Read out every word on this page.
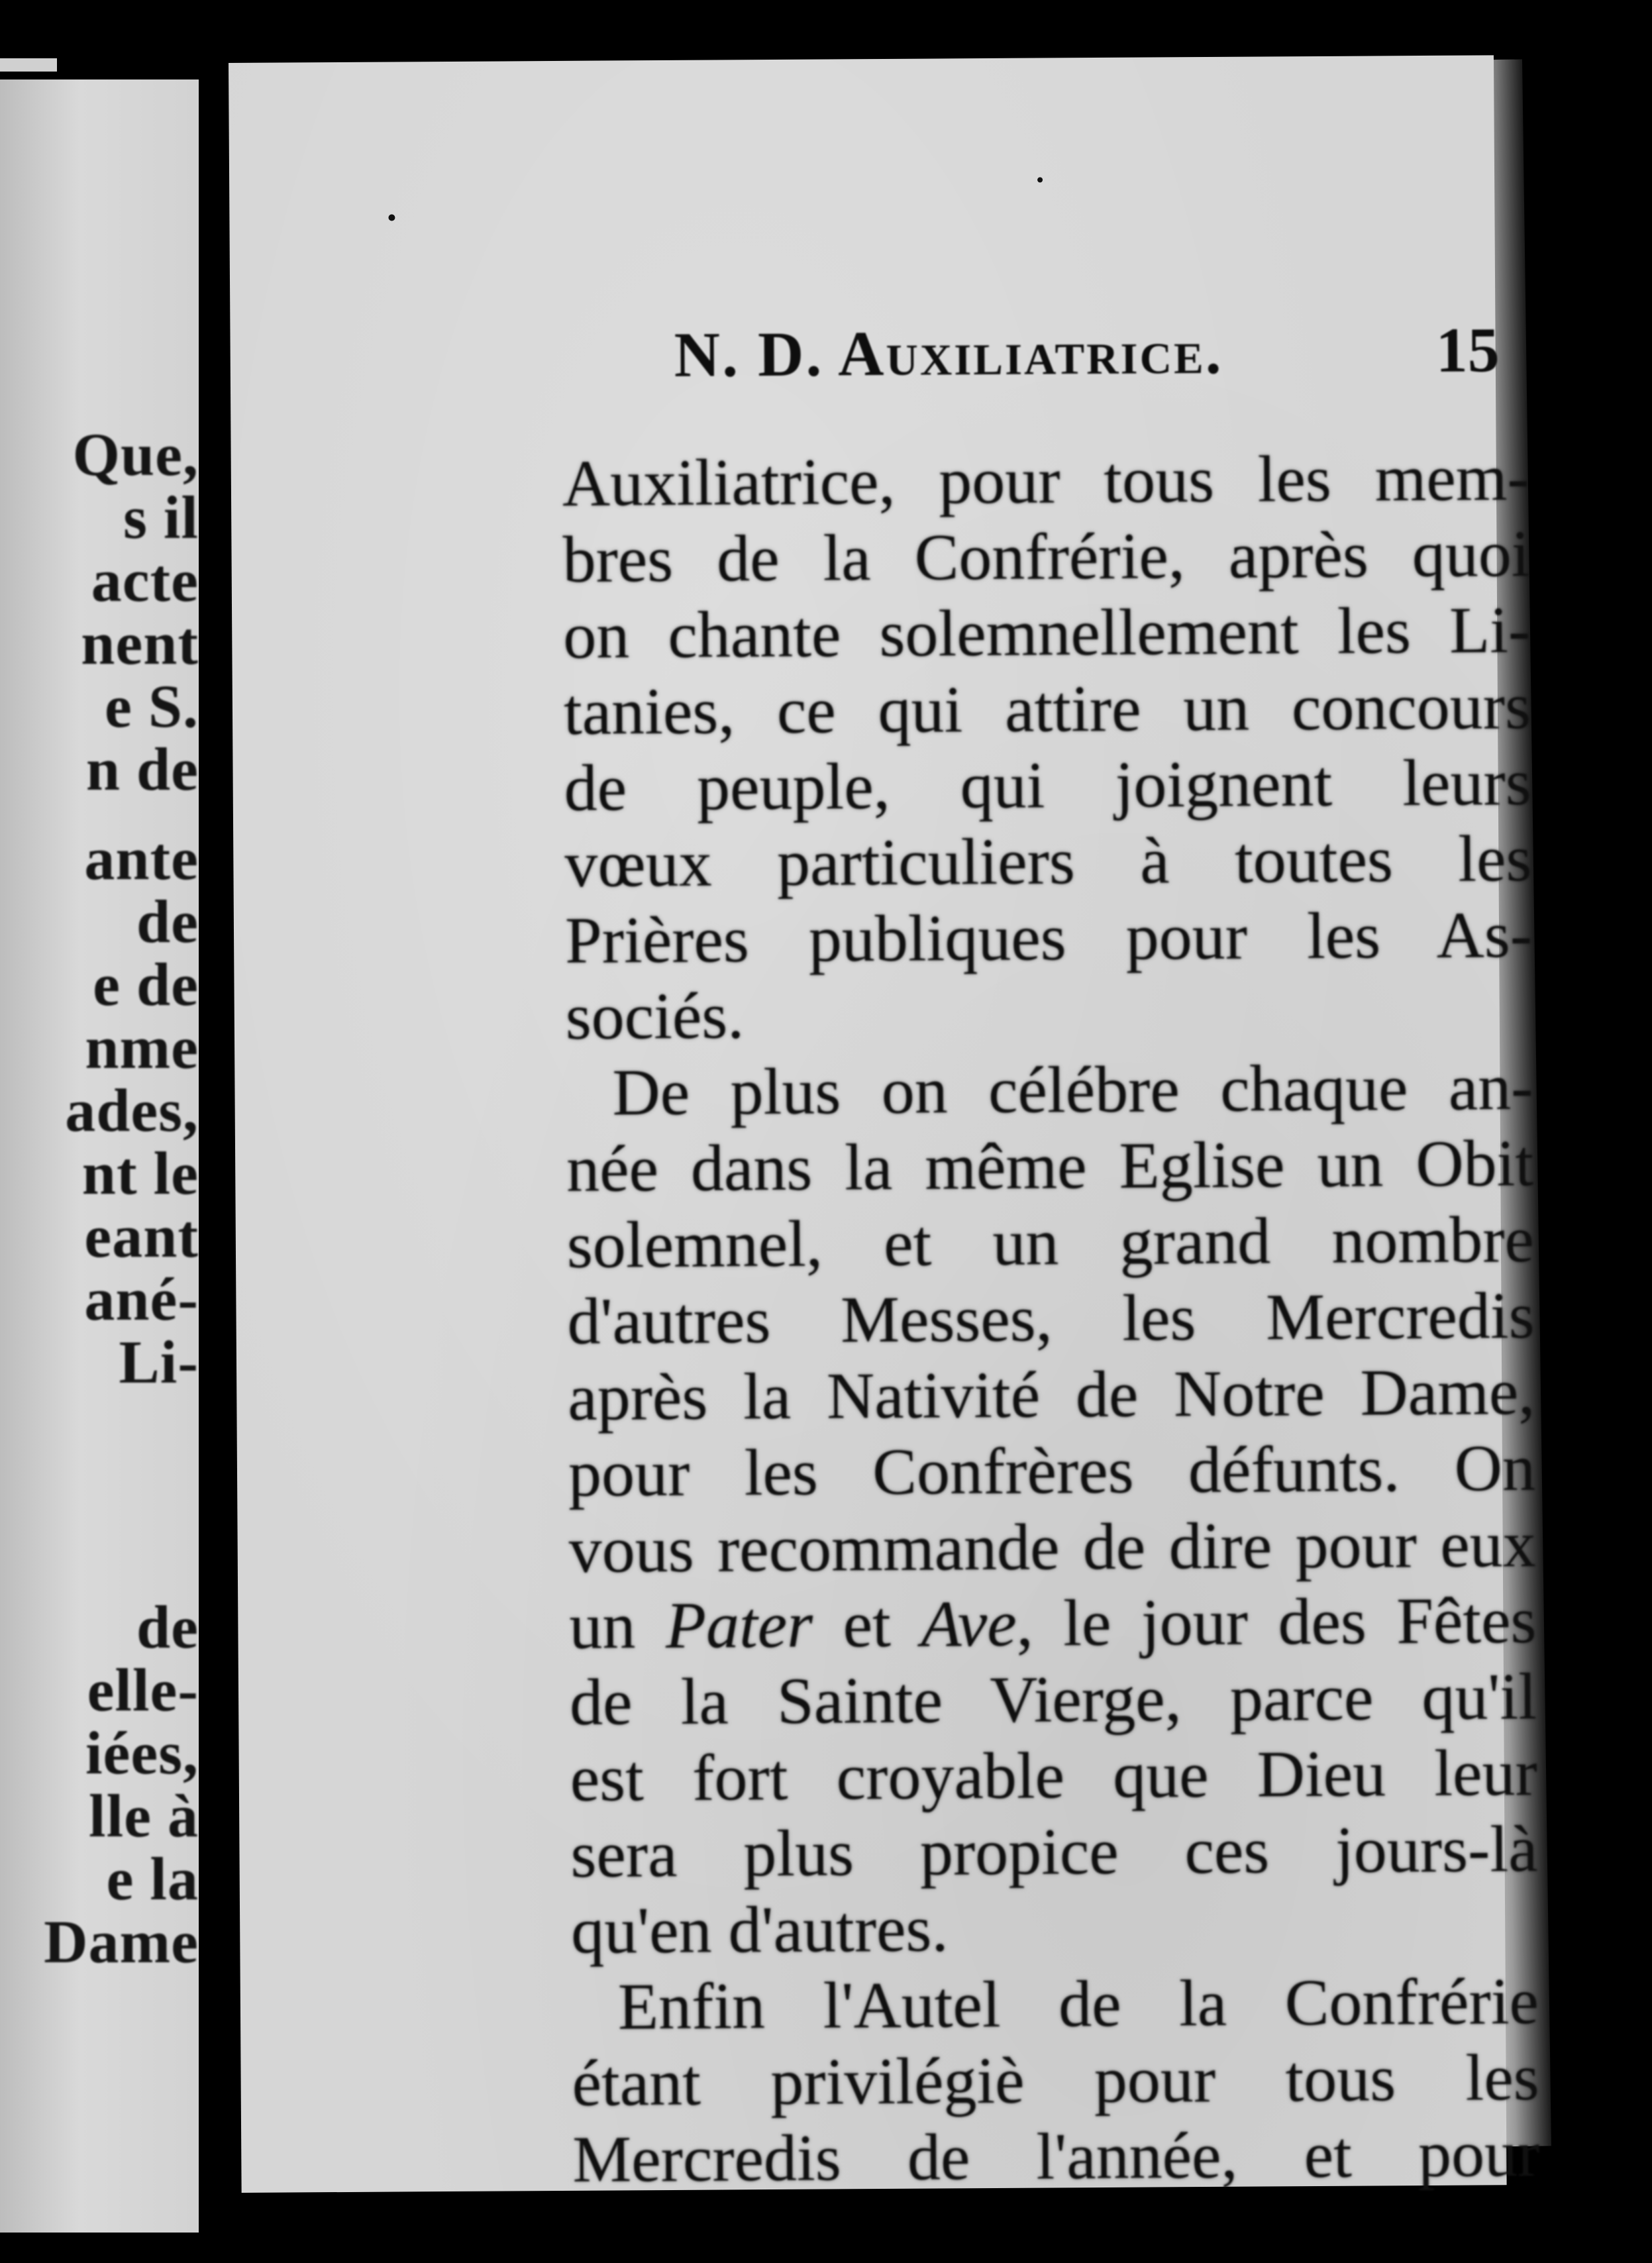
Que,
s il
acte
nent
e S.
n de
ante
de
e de
nme
ades,
nt le
eant
ané-
Li-
de
elle-
iées,
lle à
e la
Dame
N. D. Auxiliatrice.	15
Auxiliatrice, pour tous les mem-
bres de la Confrérie, après quoi
on chante solemnellement les Li-
tanies, ce qui attire un concours
de peuple, qui joignent leurs
vœux particuliers à toutes les
Prières publiques pour les As-
sociés.
De plus on célébre chaque an-
née dans la même Eglise un Obit
solemnel, et un grand nombre
d'autres Messes, les Mercredis
après la Nativité de Notre Dame,
pour les Confrères défunts. On
vous recommande de dire pour eux
un Pater et Ave, le jour des Fêtes
de la Sainte Vierge, parce qu'il
est fort croyable que Dieu leur
sera plus propice ces jours-là
qu'en d'autres.
Enfin l'Autel de la Confrérie
étant privilégiè pour tous les
Mercredis de l'année, et pour
